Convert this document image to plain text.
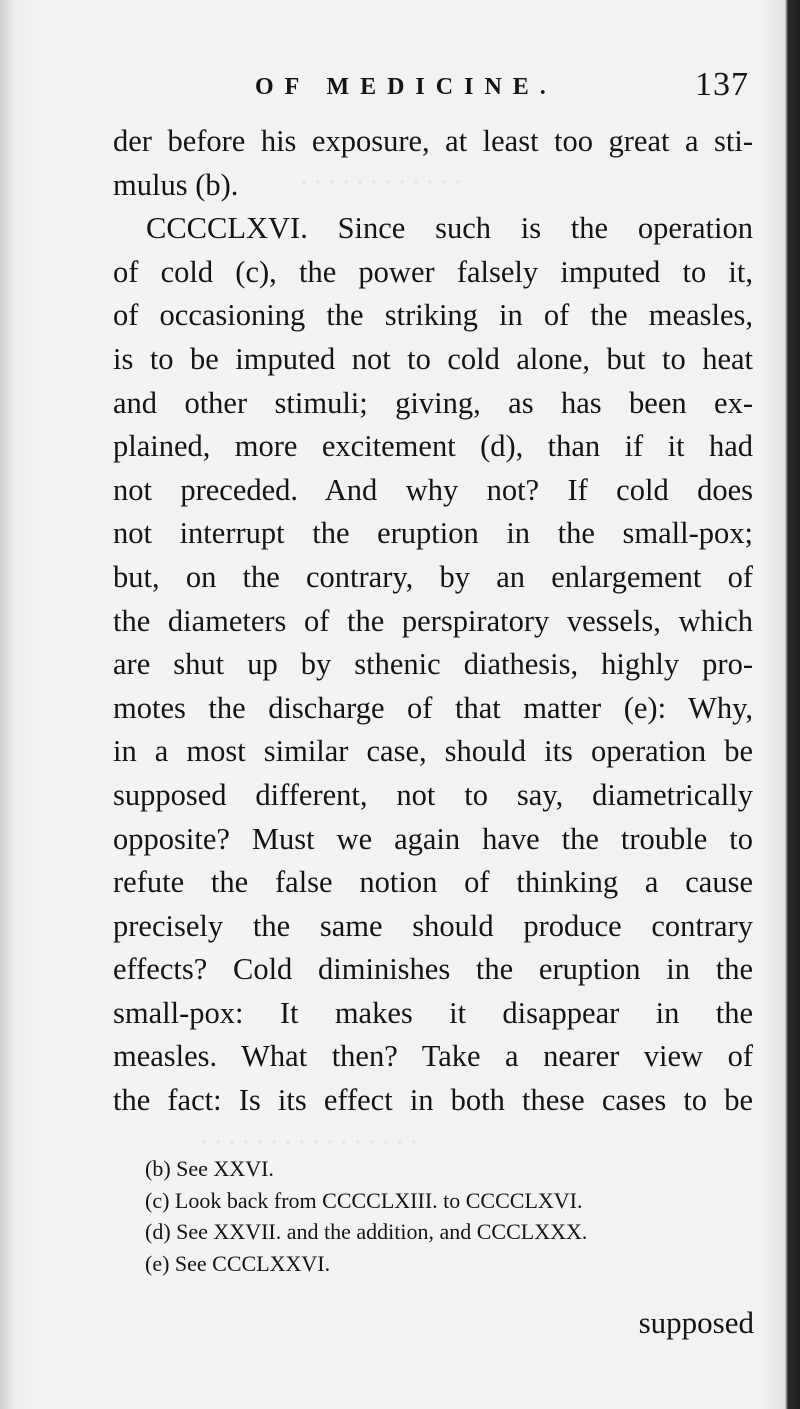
· · · · · · · · · · · ·
· · · · · · · · · · · · · · · ·
OF MEDICINE.	137
der before his exposure, at least too great a sti-
mulus (b).
CCCCLXVI. Since such is the operation
of cold (c), the power falsely imputed to it,
of occasioning the striking in of the measles,
is to be imputed not to cold alone, but to heat
and other stimuli; giving, as has been ex-
plained, more excitement (d), than if it had
not preceded. And why not? If cold does
not interrupt the eruption in the small-pox;
but, on the contrary, by an enlargement of
the diameters of the perspiratory vessels, which
are shut up by sthenic diathesis, highly pro-
motes the discharge of that matter (e): Why,
in a most similar case, should its operation be
supposed different, not to say, diametrically
opposite? Must we again have the trouble to
refute the false notion of thinking a cause
precisely the same should produce contrary
effects? Cold diminishes the eruption in the
small-pox: It makes it disappear in the
measles. What then? Take a nearer view of
the fact: Is its effect in both these cases to be
(b) See XXVI.
(c) Look back from CCCCLXIII. to CCCCLXVI.
(d) See XXVII. and the addition, and CCCLXXX.
(e) See CCCLXXVI.
supposed
